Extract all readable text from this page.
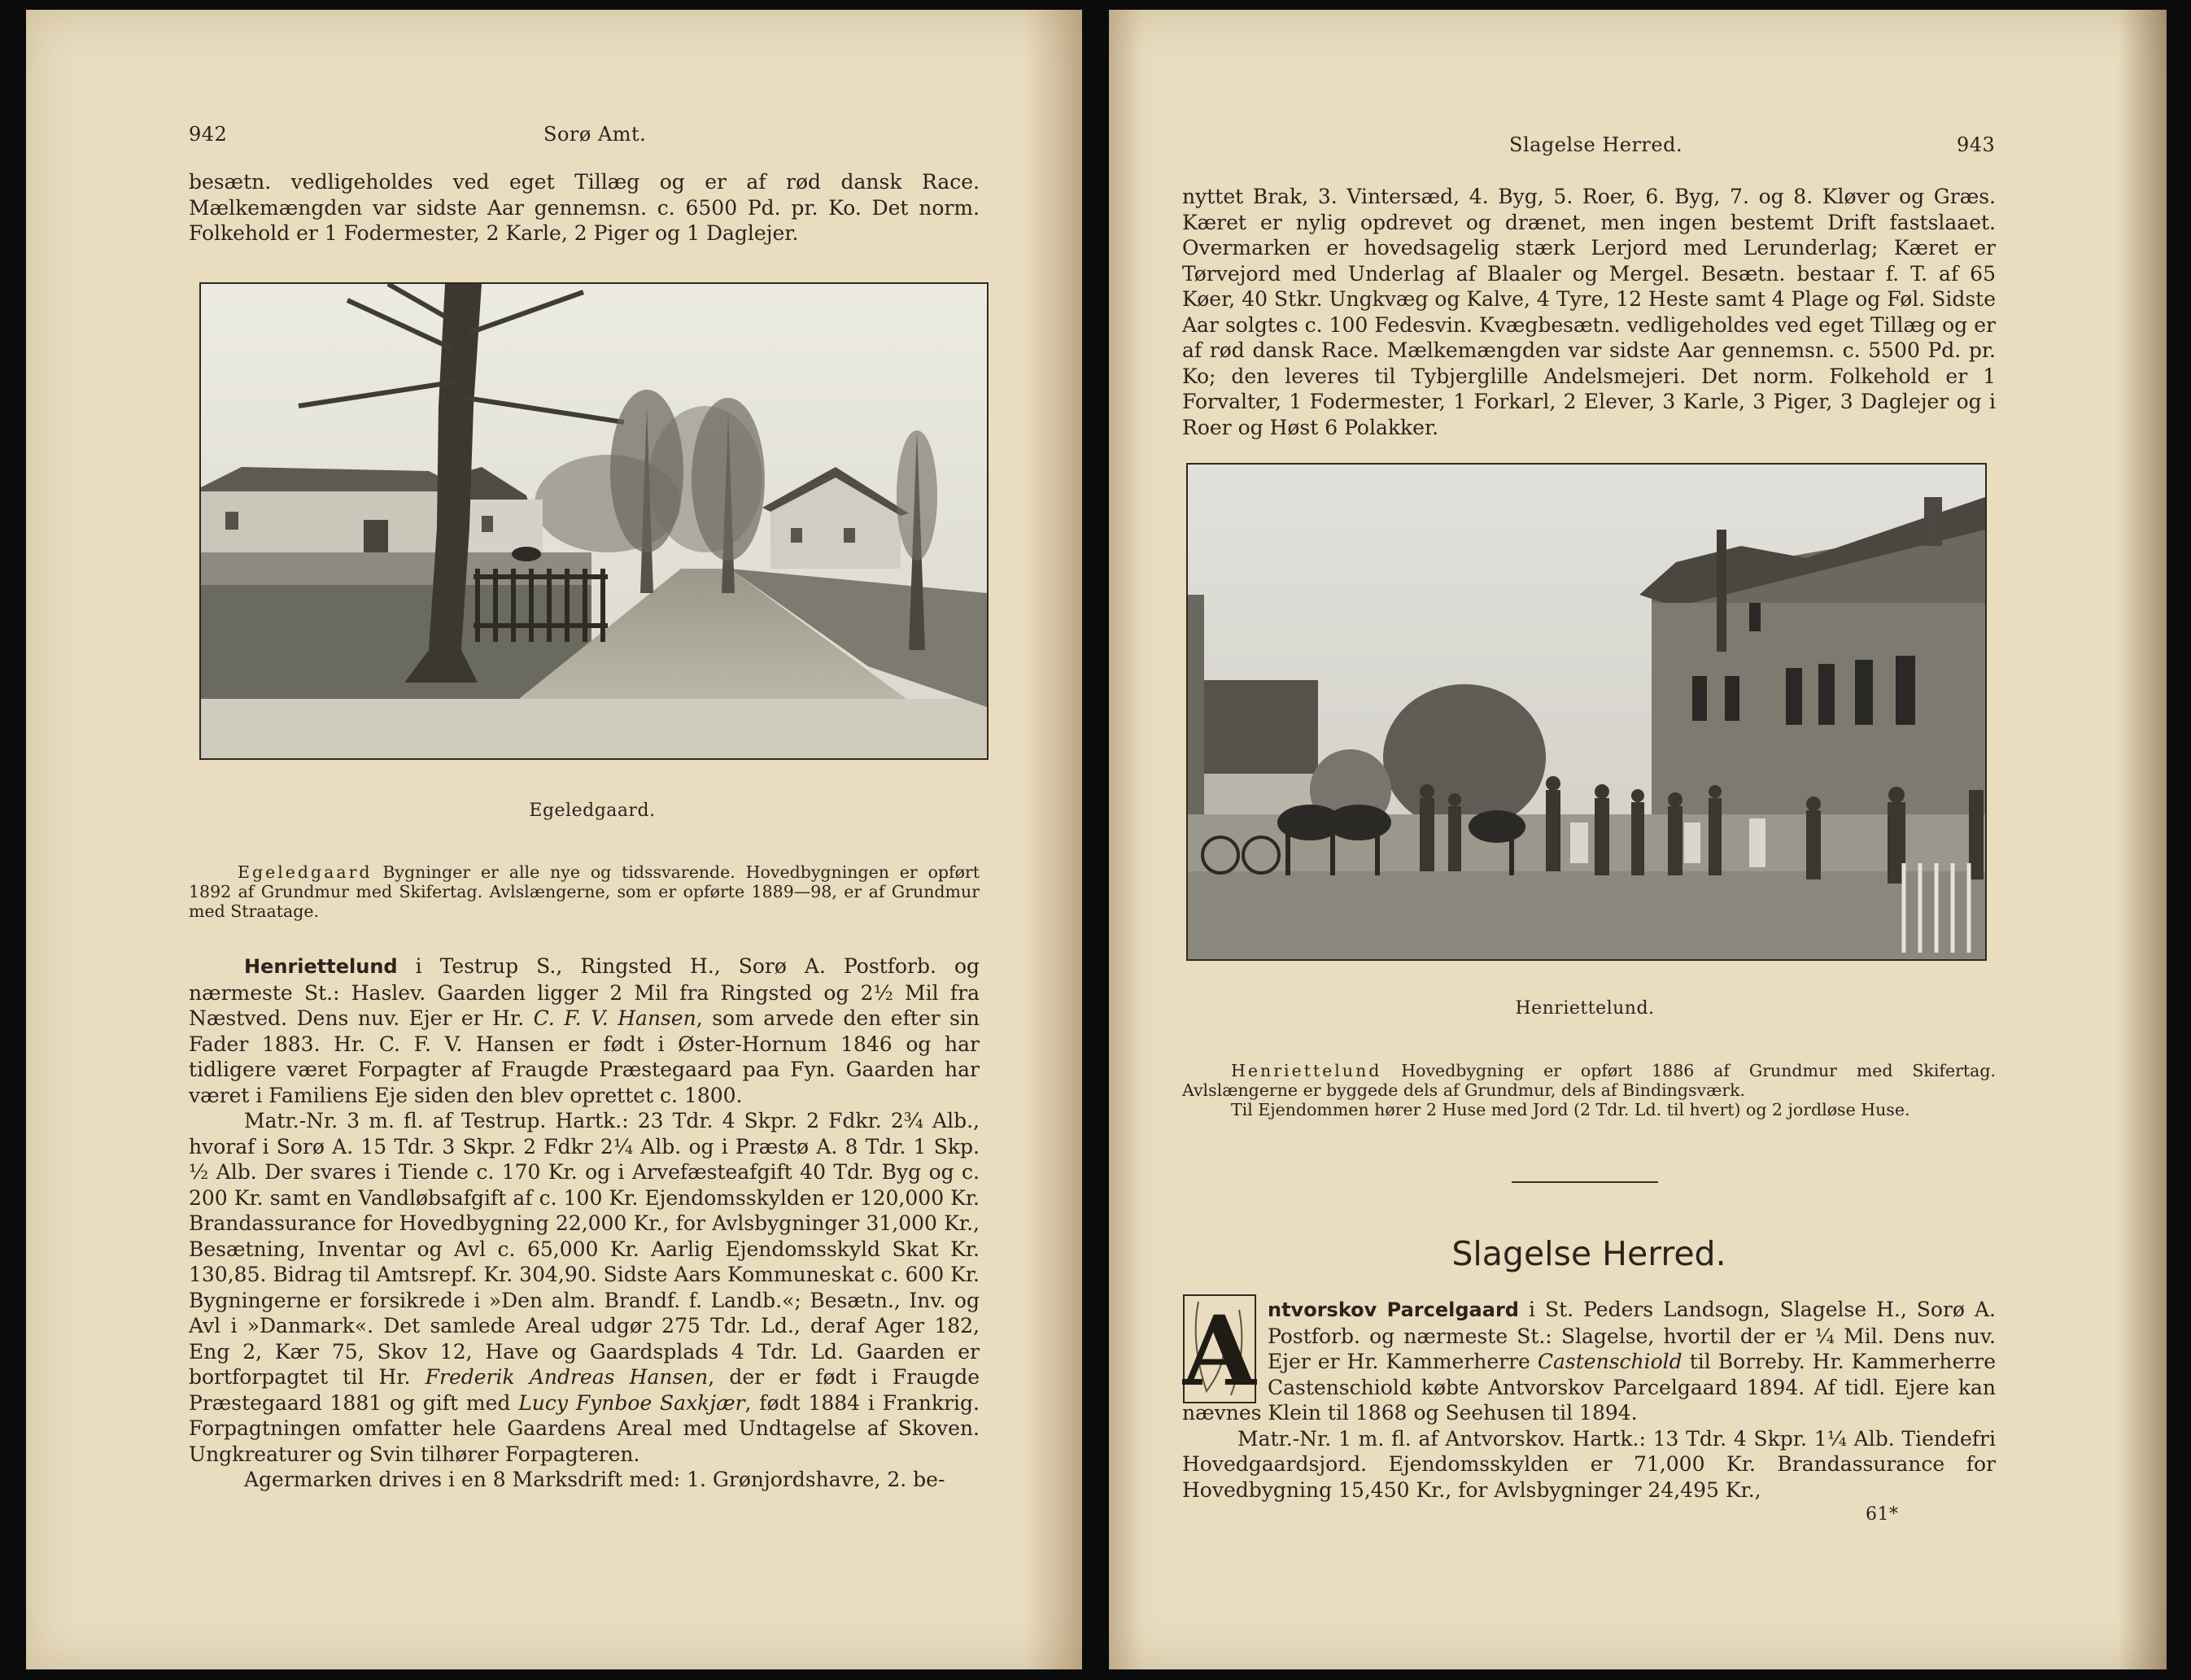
942	Sorø Amt.

besætn. vedligeholdes ved eget Tillæg og er af rød dansk Race. Mælkemængden var sidste Aar gennemsn. c. 6500 Pd. pr. Ko. Det norm. Folkehold er 1 Fodermester, 2 Karle, 2 Piger og 1 Daglejer.

Egeledgaard.

Egeledgaard Bygninger er alle nye og tidssvarende. Hovedbygningen er opført 1892 af Grundmur med Skifertag. Avlslængerne, som er opførte 1889—98, er af Grundmur med Straatage.

Henriettelund i Testrup S., Ringsted H., Sorø A. Postforb. og nærmeste St.: Haslev. Gaarden ligger 2 Mil fra Ringsted og 2½ Mil fra Næstved. Dens nuv. Ejer er Hr. C. F. V. Hansen, som arvede den efter sin Fader 1883. Hr. C. F. V. Hansen er født i Øster-Hornum 1846 og har tidligere været Forpagter af Fraugde Præstegaard paa Fyn. Gaarden har været i Familiens Eje siden den blev oprettet c. 1800.

Matr.-Nr. 3 m. fl. af Testrup. Hartk.: 23 Tdr. 4 Skpr. 2 Fdkr. 2¾ Alb., hvoraf i Sorø A. 15 Tdr. 3 Skpr. 2 Fdkr 2¼ Alb. og i Præstø A. 8 Tdr. 1 Skp. ½ Alb. Der svares i Tiende c. 170 Kr. og i Arvefæsteafgift 40 Tdr. Byg og c. 200 Kr. samt en Vandløbsafgift af c. 100 Kr. Ejendomsskylden er 120,000 Kr. Brandassurance for Hovedbygning 22,000 Kr., for Avlsbygninger 31,000 Kr., Besætning, Inventar og Avl c. 65,000 Kr. Aarlig Ejendomsskyld Skat Kr. 130,85. Bidrag til Amtsrepf. Kr. 304,90. Sidste Aars Kommuneskat c. 600 Kr. Bygningerne er forsikrede i »Den alm. Brandf. f. Landb.«; Besætn., Inv. og Avl i »Danmark«. Det samlede Areal udgør 275 Tdr. Ld., deraf Ager 182, Eng 2, Kær 75, Skov 12, Have og Gaardsplads 4 Tdr. Ld. Gaarden er bortforpagtet til Hr. Frederik Andreas Hansen, der er født i Fraugde Præstegaard 1881 og gift med Lucy Fynboe Saxkjær, født 1884 i Frankrig. Forpagtningen omfatter hele Gaardens Areal med Undtagelse af Skoven. Ungkreaturer og Svin tilhører Forpagteren.

Agermarken drives i en 8 Marksdrift med: 1. Grønjordshavre, 2. be-

Slagelse Herred.	943

nyttet Brak, 3. Vintersæd, 4. Byg, 5. Roer, 6. Byg, 7. og 8. Kløver og Græs. Kæret er nylig opdrevet og drænet, men ingen bestemt Drift fastslaaet. Overmarken er hovedsagelig stærk Lerjord med Lerunderlag; Kæret er Tørvejord med Underlag af Blaaler og Mergel. Besætn. bestaar f. T. af 65 Køer, 40 Stkr. Ungkvæg og Kalve, 4 Tyre, 12 Heste samt 4 Plage og Føl. Sidste Aar solgtes c. 100 Fedesvin. Kvægbesætn. vedligeholdes ved eget Tillæg og er af rød dansk Race. Mælkemængden var sidste Aar gennemsn. c. 5500 Pd. pr. Ko; den leveres til Tybjerglille Andelsmejeri. Det norm. Folkehold er 1 Forvalter, 1 Fodermester, 1 Forkarl, 2 Elever, 3 Karle, 3 Piger, 3 Daglejer og i Roer og Høst 6 Polakker.

Henriettelund.

Henriettelund Hovedbygning er opført 1886 af Grundmur med Skifertag. Avlslængerne er byggede dels af Grundmur, dels af Bindingsværk.

Til Ejendommen hører 2 Huse med Jord (2 Tdr. Ld. til hvert) og 2 jordløse Huse.

Slagelse Herred.
A ntvorskov Parcelgaard i St. Peders Landsogn, Slagelse H., Sorø A. Postforb. og nærmeste St.: Slagelse, hvortil der er ¼ Mil. Dens nuv. Ejer er Hr. Kammerherre Castenschiold til Borreby. Hr. Kammerherre Castenschiold købte Antvorskov Parcelgaard 1894. Af tidl. Ejere kan nævnes Klein til 1868 og Seehusen til 1894.

Matr.-Nr. 1 m. fl. af Antvorskov. Hartk.: 13 Tdr. 4 Skpr. 1¼ Alb. Tiendefri Hovedgaardsjord. Ejendomsskylden er 71,000 Kr. Brandassurance for Hovedbygning 15,450 Kr., for Avlsbygninger 24,495 Kr.,

61*
